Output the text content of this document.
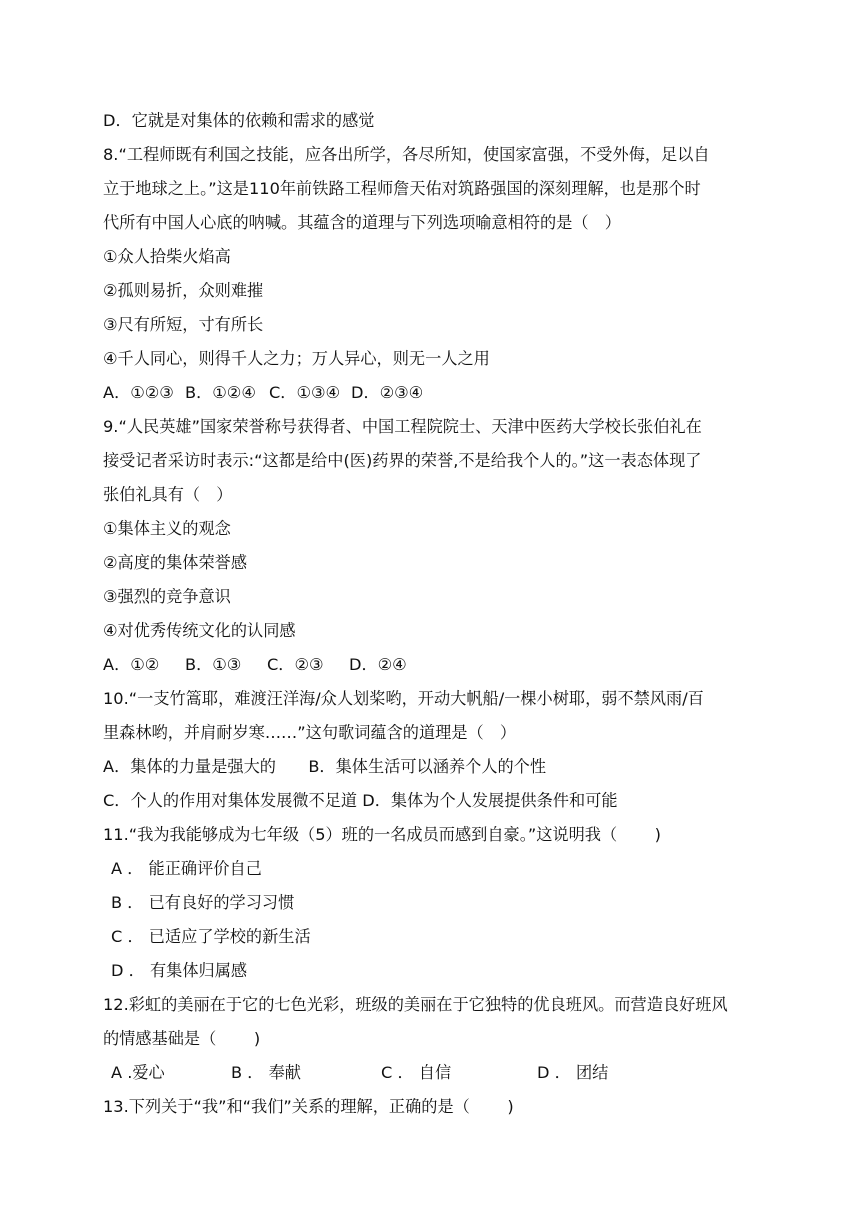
D．它就是对集体的依赖和需求的感觉
8.“工程师既有利国之技能，应各出所学，各尽所知，使国家富强，不受外侮，足以自
立于地球之上。”这是110年前铁路工程师詹天佑对筑路强国的深刻理解，也是那个时
代所有中国人心底的呐喊。其蕴含的道理与下列选项喻意相符的是（　）
①众人拾柴火焰高
②孤则易折，众则难摧
③尺有所短，寸有所长
④千人同心，则得千人之力；万人异心，则无一人之用
A．①②③ B．①②④ C．①③④ D．②③④
9.“人民英雄”国家荣誉称号获得者、中国工程院院士、天津中医药大学校长张伯礼在
接受记者采访时表示:“这都是给中(医)药界的荣誉,不是给我个人的。”这一表态体现了
张伯礼具有（　）
①集体主义的观念
②高度的集体荣誉感
③强烈的竞争意识
④对优秀传统文化的认同感
A．①②	B．①③	C．②③	D．②④
10.“一支竹篙耶，难渡汪洋海/众人划桨哟，开动大帆船/一棵小树耶，弱不禁风雨/百
里森林哟，并肩耐岁寒……”这句歌词蕴含的道理是（　）
A．集体的力量是强大的　　B．集体生活可以涵养个人的个性
C．个人的作用对集体发展微不足道 D．集体为个人发展提供条件和可能
11.“我为我能够成为七年级（5）班的一名成员而感到自豪。”这说明我（　　 )
A ． 能正确评价自己
B ． 已有良好的学习习惯
C ． 已适应了学校的新生活
D ． 有集体归属感
12.彩虹的美丽在于它的七色光彩，班级的美丽在于它独特的优良班风。而营造良好班风
的情感基础是（　　 )
A .爱心	B ． 奉献	C ． 自信	D ． 团结
13.下列关于“我”和“我们”关系的理解，正确的是（　　 )
